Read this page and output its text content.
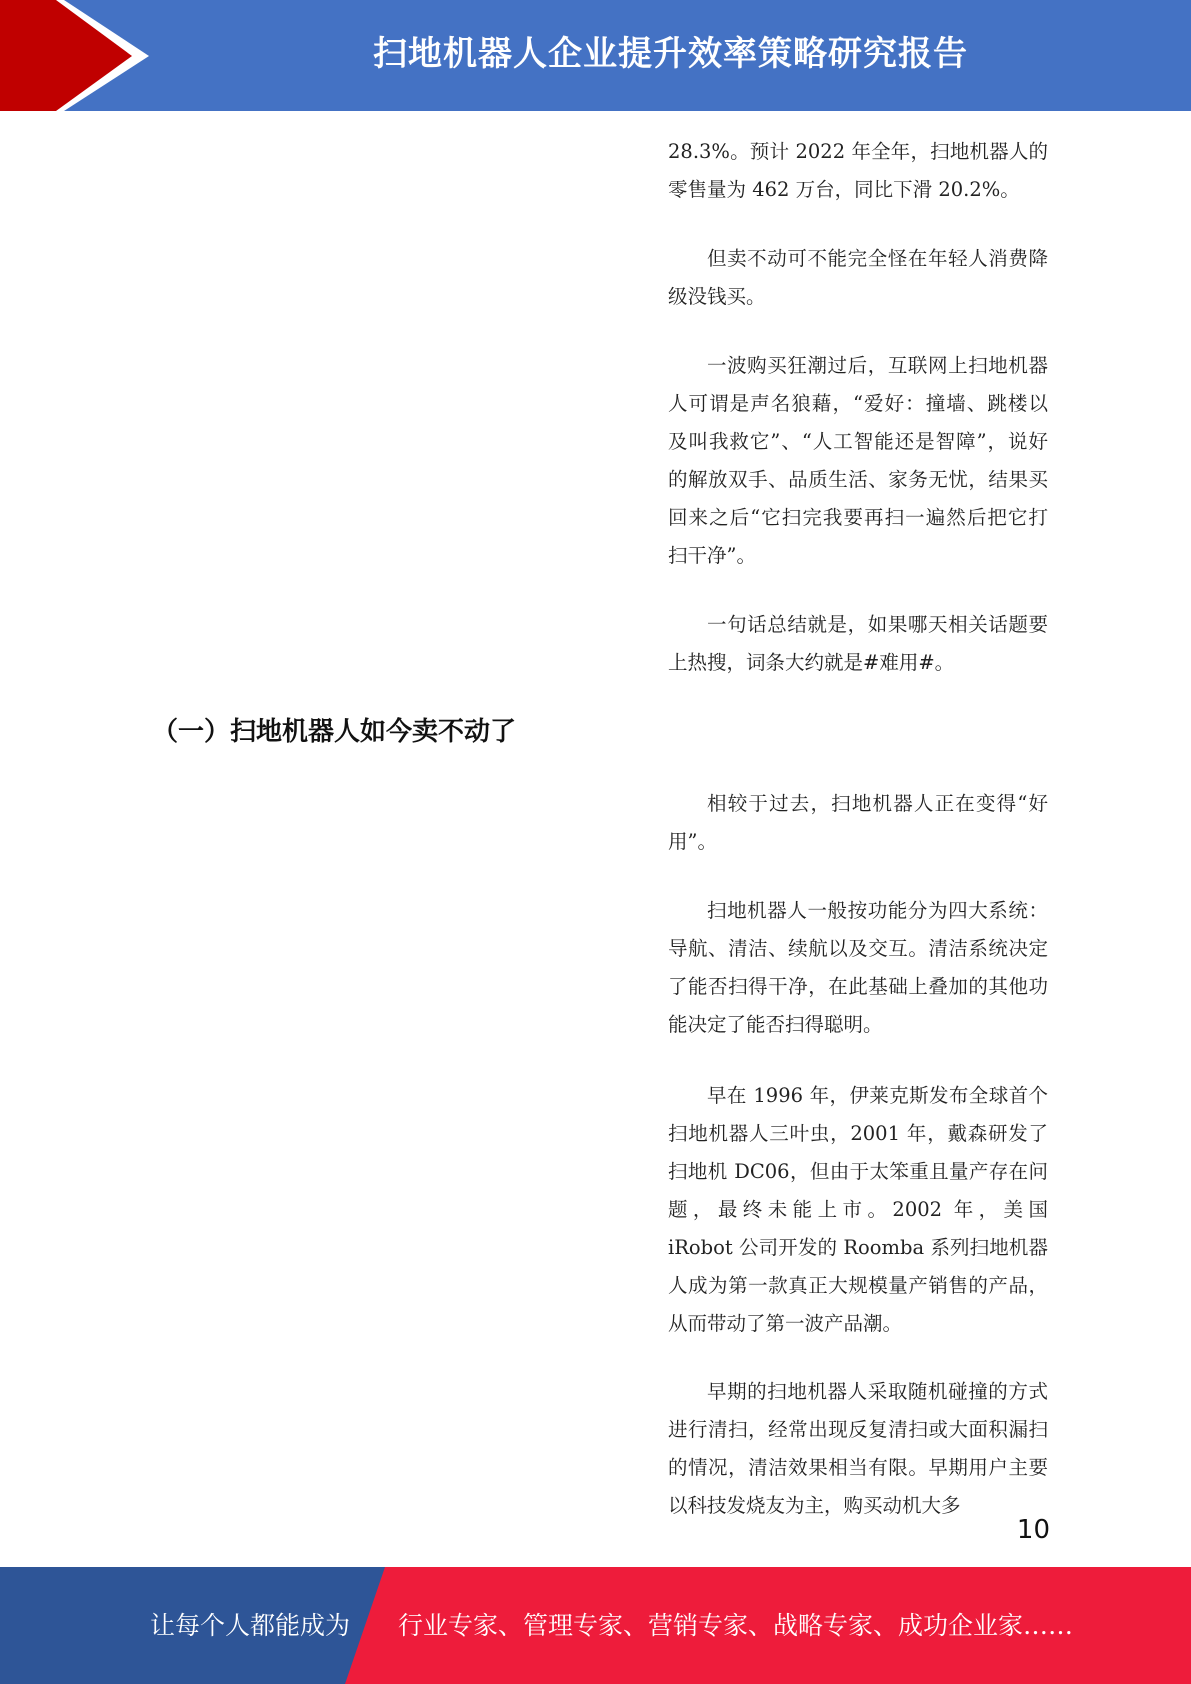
扫地机器人企业提升效率策略研究报告

28.3%。预计 2022 年全年，扫地机器人的零售量为 462 万台，同比下滑 20.2%。

但卖不动可不能完全怪在年轻人消费降级没钱买。

一波购买狂潮过后，互联网上扫地机器人可谓是声名狼藉，“爱好：撞墙、跳楼以及叫我救它”、“人工智能还是智障”，说好的解放双手、品质生活、家务无忧，结果买回来之后“它扫完我要再扫一遍然后把它打扫干净”。

一句话总结就是，如果哪天相关话题要上热搜，词条大约就是#难用#。

（一）扫地机器人如今卖不动了

相较于过去，扫地机器人正在变得“好用”。

扫地机器人一般按功能分为四大系统：导航、清洁、续航以及交互。清洁系统决定了能否扫得干净，在此基础上叠加的其他功能决定了能否扫得聪明。

早在 1996 年，伊莱克斯发布全球首个扫地机器人三叶虫，2001 年，戴森研发了扫地机 DC06，但由于太笨重且量产存在问题，最终未能上市。2002 年，美国 iRobot 公司开发的 Roomba 系列扫地机器人成为第一款真正大规模量产销售的产品，从而带动了第一波产品潮。

早期的扫地机器人采取随机碰撞的方式进行清扫，经常出现反复清扫或大面积漏扫的情况，清洁效果相当有限。早期用户主要以科技发烧友为主，购买动机大多

10
让每个人都能成为	行业专家、管理专家、营销专家、战略专家、成功企业家……
